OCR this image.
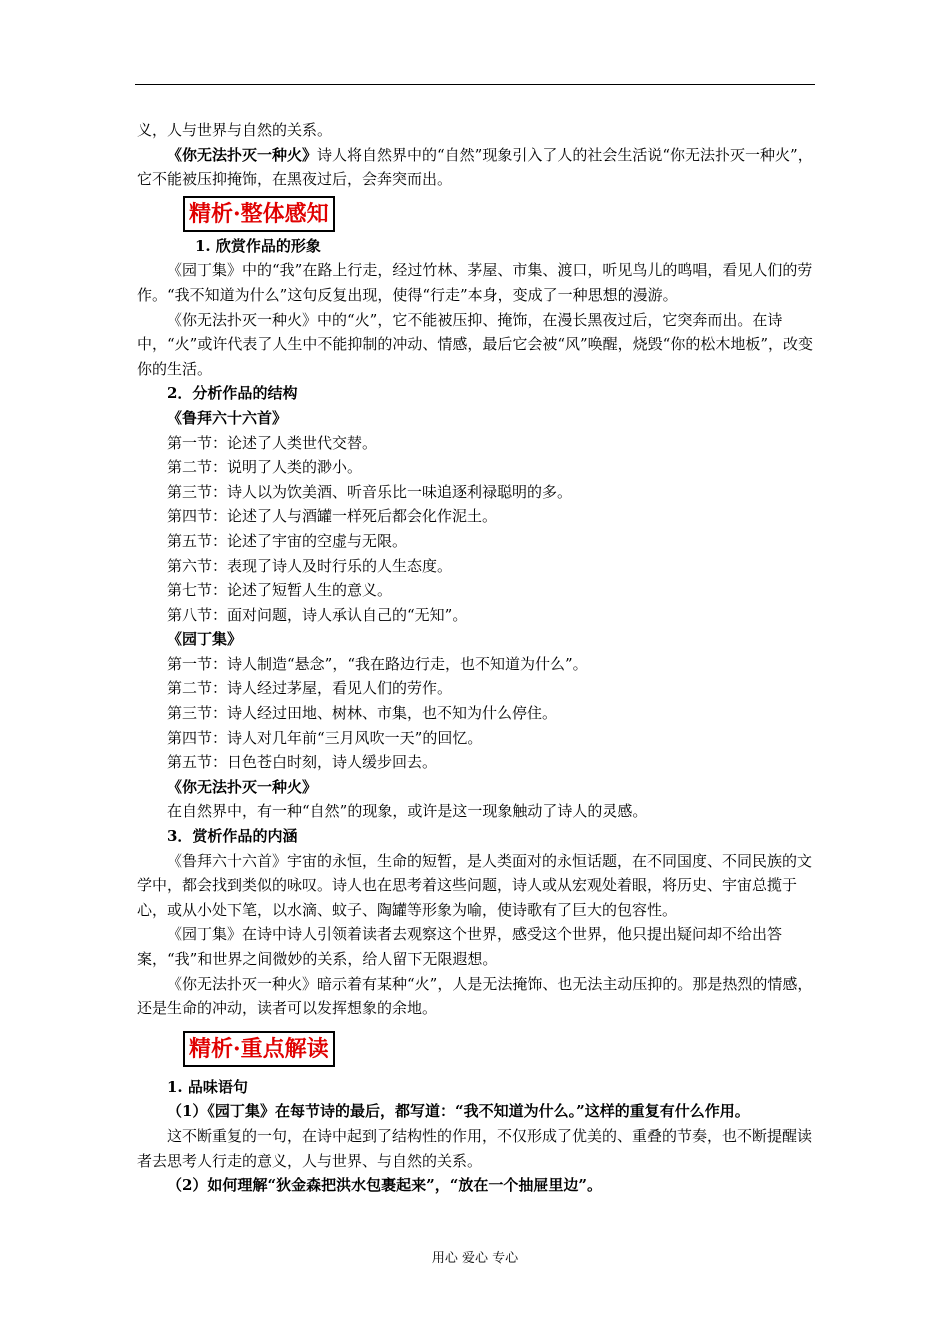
义，人与世界与自然的关系。

《你无法扑灭一种火》诗人将自然界中的“自然”现象引入了人的社会生活说“你无法扑灭一种火”，它不能被压抑掩饰，在黑夜过后，会奔突而出。

精析·整体感知

1. 欣赏作品的形象

《园丁集》中的“我”在路上行走，经过竹林、茅屋、市集、渡口，听见鸟儿的鸣唱，看见人们的劳作。“我不知道为什么”这句反复出现，使得“行走”本身，变成了一种思想的漫游。

《你无法扑灭一种火》中的“火”，它不能被压抑、掩饰，在漫长黑夜过后，它突奔而出。在诗中，“火”或许代表了人生中不能抑制的冲动、情感，最后它会被“风”唤醒，烧毁“你的松木地板”，改变你的生活。

2．分析作品的结构

《鲁拜六十六首》

第一节：论述了人类世代交替。

第二节：说明了人类的渺小。

第三节：诗人以为饮美酒、听音乐比一味追逐利禄聪明的多。

第四节：论述了人与酒罐一样死后都会化作泥土。

第五节：论述了宇宙的空虚与无限。

第六节：表现了诗人及时行乐的人生态度。

第七节：论述了短暂人生的意义。

第八节：面对问题，诗人承认自己的“无知”。

《园丁集》

第一节：诗人制造“悬念”，“我在路边行走，也不知道为什么”。

第二节：诗人经过茅屋，看见人们的劳作。

第三节：诗人经过田地、树林、市集，也不知为什么停住。

第四节：诗人对几年前“三月风吹一天”的回忆。

第五节：日色苍白时刻，诗人缓步回去。

《你无法扑灭一种火》

在自然界中，有一种“自然”的现象，或许是这一现象触动了诗人的灵感。

3．赏析作品的内涵

《鲁拜六十六首》宇宙的永恒，生命的短暂，是人类面对的永恒话题，在不同国度、不同民族的文学中，都会找到类似的咏叹。诗人也在思考着这些问题，诗人或从宏观处着眼，将历史、宇宙总揽于心，或从小处下笔，以水滴、蚊子、陶罐等形象为喻，使诗歌有了巨大的包容性。

《园丁集》在诗中诗人引领着读者去观察这个世界，感受这个世界，他只提出疑问却不给出答案，“我”和世界之间微妙的关系，给人留下无限遐想。

《你无法扑灭一种火》暗示着有某种“火”，人是无法掩饰、也无法主动压抑的。那是热烈的情感，还是生命的冲动，读者可以发挥想象的余地。

精析·重点解读

1. 品味语句

（1）《园丁集》在每节诗的最后，都写道：“我不知道为什么。”这样的重复有什么作用。

这不断重复的一句，在诗中起到了结构性的作用，不仅形成了优美的、重叠的节奏，也不断提醒读者去思考人行走的意义，人与世界、与自然的关系。

（2）如何理解“狄金森把洪水包裹起来”，“放在一个抽屉里边”。

用心 爱心 专心
